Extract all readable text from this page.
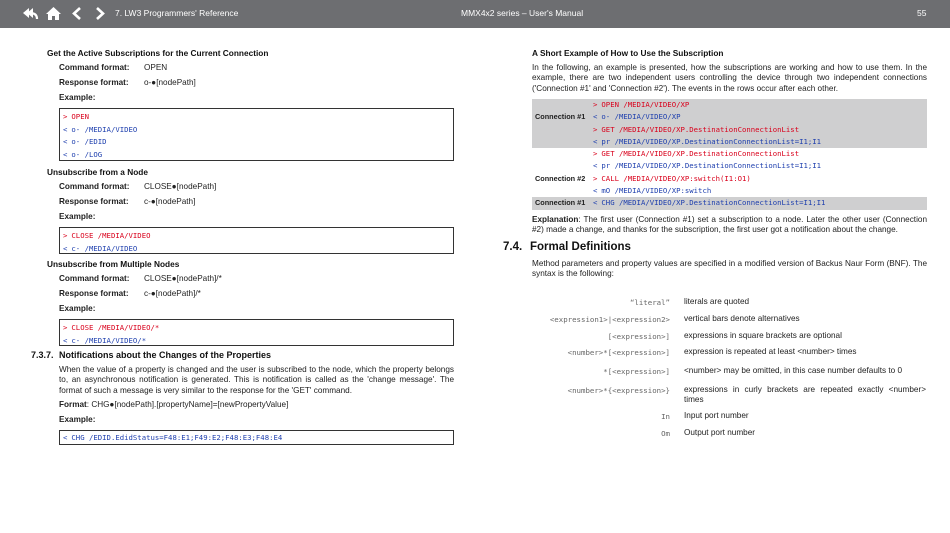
7. LW3 Programmers' Reference	MMX4x2 series – User's Manual	55
Get the Active Subscriptions for the Current Connection
Command format: OPEN
Response format: o-●[nodePath]
Example:
> OPEN
< o- /MEDIA/VIDEO
< o- /EDID
< o- /LOG
Unsubscribe from a Node
Command format: CLOSE●[nodePath]
Response format: c-●[nodePath]
Example:
> CLOSE /MEDIA/VIDEO
< c- /MEDIA/VIDEO
Unsubscribe from Multiple Nodes
Command format: CLOSE●[nodePath]/*
Response format: c-●[nodePath]/*
Example:
> CLOSE /MEDIA/VIDEO/*
< c- /MEDIA/VIDEO/*
7.3.7. Notifications about the Changes of the Properties
When the value of a property is changed and the user is subscribed to the node, which the property belongs to, an asynchronous notification is generated. This is notification is called as the 'change message'. The format of such a message is very similar to the response for the 'GET' command.
Format: CHG●[nodePath].[propertyName]=[newPropertyValue]
Example:
< CHG /EDID.EdidStatus=F48:E1;F49:E2;F48:E3;F48:E4
A Short Example of How to Use the Subscription
In the following, an example is presented, how the subscriptions are working and how to use them. In the example, there are two independent users controlling the device through two independent connections ('Connection #1' and 'Connection #2'). The events in the rows occur after each other.
	> OPEN /MEDIA/VIDEO/XP
Connection #1	< o- /MEDIA/VIDEO/XP
	> GET /MEDIA/VIDEO/XP.DestinationConnectionList
	< pr /MEDIA/VIDEO/XP.DestinationConnectionList=I1;I1
	> GET /MEDIA/VIDEO/XP.DestinationConnectionList
	< pr /MEDIA/VIDEO/XP.DestinationConnectionList=I1;I1
Connection #2	> CALL /MEDIA/VIDEO/XP:switch(I1:O1)
	< mO /MEDIA/VIDEO/XP:switch
Connection #1	< CHG /MEDIA/VIDEO/XP.DestinationConnectionList=I1;I1
Explanation: The first user (Connection #1) set a subscription to a node. Later the other user (Connection #2) made a change, and thanks for the subscription, the first user got a notification about the change.
7.4. Formal Definitions
Method parameters and property values are specified in a modified version of Backus Naur Form (BNF). The syntax is the following:
“literal” literals are quoted
<expression1>|<expression2> vertical bars denote alternatives
[<expression>] expressions in square brackets are optional
<number>*[<expression>] expression is repeated at least <number> times
*[<expression>] <number> may be omitted, in this case number defaults to 0
<number>*{<expression>} expressions in curly brackets are repeated exactly <number> times
In Input port number
Om Output port number
